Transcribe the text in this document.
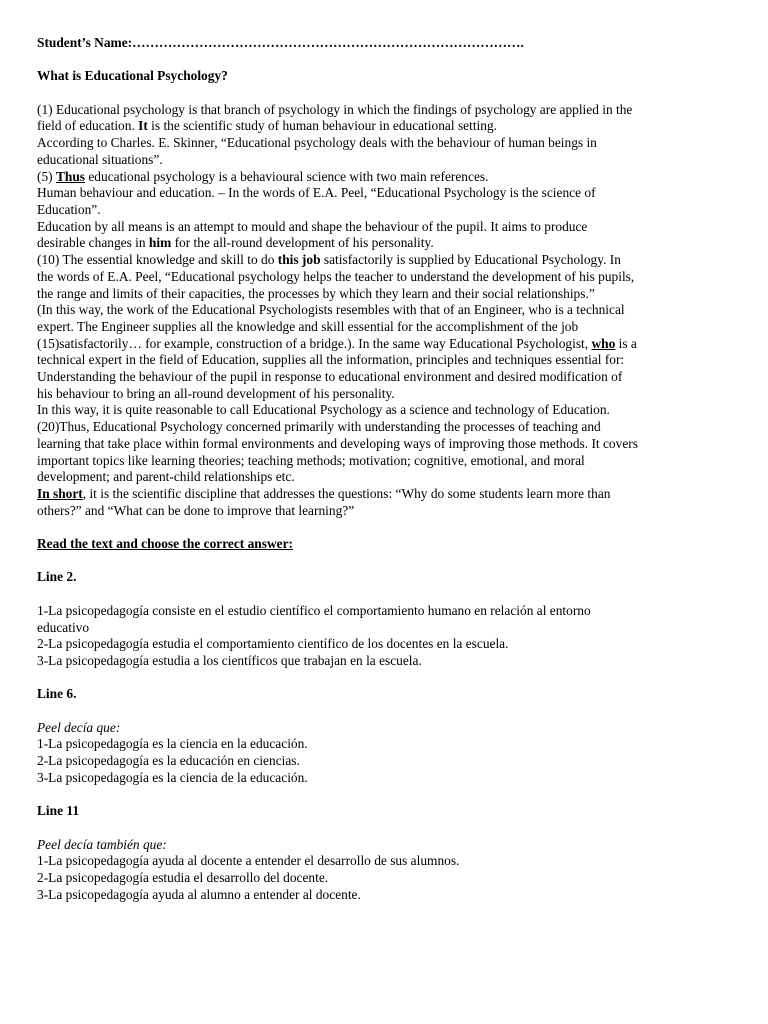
Student’s Name:…………………………………………………………………………….
What is Educational Psychology?
(1) Educational psychology is that branch of psychology in which the findings of psychology are applied in the
field of education. It is the scientific study of human behaviour in educational setting.
According to Charles. E. Skinner, “Educational psychology deals with the behaviour of human beings in
educational situations”.
(5) Thus educational psychology is a behavioural science with two main references.
Human behaviour and education. – In the words of E.A. Peel, “Educational Psychology is the science of
Education”.
Education by all means is an attempt to mould and shape the behaviour of the pupil. It aims to produce
desirable changes in him for the all-round development of his personality.
(10) The essential knowledge and skill to do this job satisfactorily is supplied by Educational Psychology. In
the words of E.A. Peel, “Educational psychology helps the teacher to understand the development of his pupils,
the range and limits of their capacities, the processes by which they learn and their social relationships.”
(In this way, the work of the Educational Psychologists resembles with that of an Engineer, who is a technical
expert. The Engineer supplies all the knowledge and skill essential for the accomplishment of the job
(15)satisfactorily… for example, construction of a bridge.). In the same way Educational Psychologist, who is a
technical expert in the field of Education, supplies all the information, principles and techniques essential for:
Understanding the behaviour of the pupil in response to educational environment and desired modification of
his behaviour to bring an all-round development of his personality.
In this way, it is quite reasonable to call Educational Psychology as a science and technology of Education.
(20)Thus, Educational Psychology concerned primarily with understanding the processes of teaching and
learning that take place within formal environments and developing ways of improving those methods. It covers
important topics like learning theories; teaching methods; motivation; cognitive, emotional, and moral
development; and parent-child relationships etc.
In short, it is the scientific discipline that addresses the questions: “Why do some students learn more than
others?” and “What can be done to improve that learning?”
Read the text and choose the correct answer:
Line 2.
1-La psicopedagogía consiste en el estudio científico el comportamiento humano en relación al entorno
educativo
2-La psicopedagogía estudia el comportamiento científico de los docentes en la escuela.
3-La psicopedagogía estudia a los científicos que trabajan en la escuela.
Line 6.
Peel decía que:
1-La psicopedagogía es la ciencia en la educación.
2-La psicopedagogía es la educación en ciencias.
3-La psicopedagogía es la ciencia de la educación.
Line 11
Peel decía también que:
1-La psicopedagogía ayuda al docente a entender el desarrollo de sus alumnos.
2-La psicopedagogía estudia el desarrollo del docente.
3-La psicopedagogía ayuda al alumno a entender al docente.
